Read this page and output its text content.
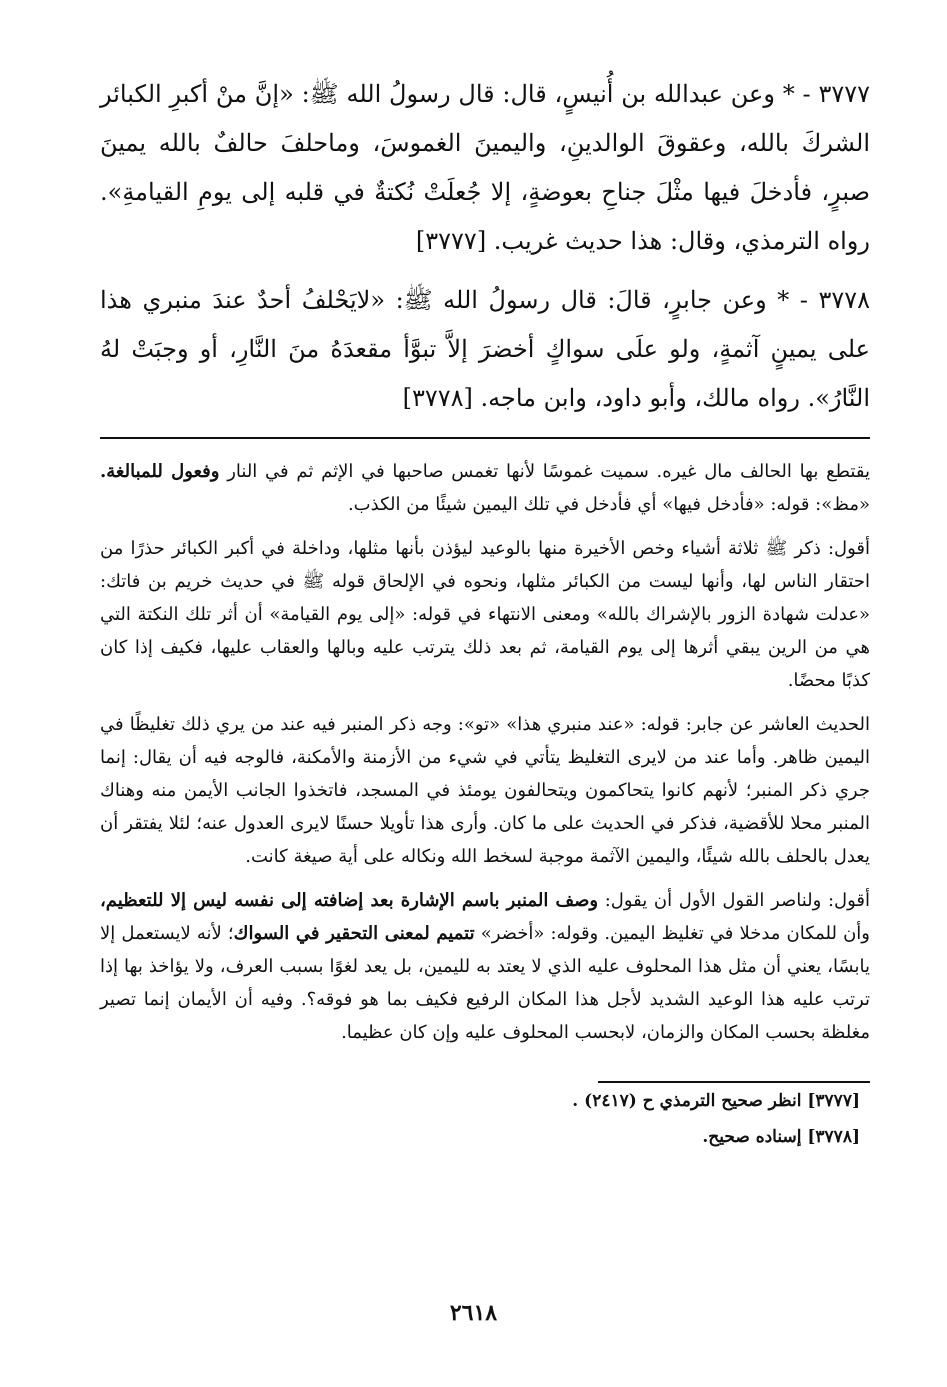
٣٧٧٧ - * وعن عبدالله بن أُنيسٍ، قال: قال رسولُ الله ﷺ: «إنَّ منْ أكبرِ الكبائر الشركَ بالله، وعقوقَ الوالدينِ، واليمينَ الغموسَ، وماحلفَ حالفٌ بالله يمينَ صبرٍ، فأدخلَ فيها مثْلَ جناحِ بعوضةٍ، إلا جُعلَتْ نُكتةٌ في قلبه إلى يومِ القيامةِ». رواه الترمذي، وقال: هذا حديث غريب. [٣٧٧٧]

٣٧٧٨ - * وعن جابرٍ، قالَ: قال رسولُ الله ﷺ: «لايَحْلفُ أحدٌ عندَ منبري هذا على يمينٍ آثمةٍ، ولو علَى سواكٍ أخضرَ إلاَّ تبوَّأ مقعدَهُ منَ النَّارِ، أو وجبَتْ لهُ النَّارُ». رواه مالك، وأبو داود، وابن ماجه. [٣٧٧٨]

يقتطع بها الحالف مال غيره. سميت غموسًا لأنها تغمس صاحبها في الإثم ثم في النار وفعول للمبالغة. «مظ»: قوله: «فأدخل فيها» أي فأدخل في تلك اليمين شيئًا من الكذب.

أقول: ذكر ﷺ ثلاثة أشياء وخص الأخيرة منها بالوعيد ليؤذن بأنها مثلها، وداخلة في أكبر الكبائر حذرًا من احتقار الناس لها، وأنها ليست من الكبائر مثلها، ونحوه في الإلحاق قوله ﷺ في حديث خريم بن فاتك: «عدلت شهادة الزور بالإشراك بالله» ومعنى الانتهاء في قوله: «إلى يوم القيامة» أن أثر تلك النكتة التي هي من الرين يبقي أثرها إلى يوم القيامة، ثم بعد ذلك يترتب عليه وبالها والعقاب عليها، فكيف إذا كان كذبًا محضًا.

الحديث العاشر عن جابر: قوله: «عند منبري هذا» «تو»: وجه ذكر المنبر فيه عند من يري ذلك تغليظًا في اليمين ظاهر. وأما عند من لايرى التغليظ يتأتي في شيء من الأزمنة والأمكنة، فالوجه فيه أن يقال: إنما جري ذكر المنبر؛ لأنهم كانوا يتحاكمون ويتحالفون يومئذ في المسجد، فاتخذوا الجانب الأيمن منه وهناك المنبر محلا للأقضية، فذكر في الحديث على ما كان. وأرى هذا تأويلا حسنًا لايرى العدول عنه؛ لئلا يفتقر أن يعدل بالحلف بالله شيئًا، واليمين الآثمة موجبة لسخط الله ونكاله على أية صيغة كانت.

أقول: ولناصر القول الأول أن يقول: وصف المنبر باسم الإشارة بعد إضافته إلى نفسه ليس إلا للتعظيم، وأن للمكان مدخلا في تغليظ اليمين. وقوله: «أخضر» تتميم لمعنى التحقير في السواك؛ لأنه لايستعمل إلا يابسًا، يعني أن مثل هذا المحلوف عليه الذي لا يعتد به لليمين، بل يعد لغوًا بسبب العرف، ولا يؤاخذ بها إذا ترتب عليه هذا الوعيد الشديد لأجل هذا المكان الرفيع فكيف بما هو فوقه؟. وفيه أن الأيمان إنما تصير مغلظة بحسب المكان والزمان، لابحسب المحلوف عليه وإن كان عظيما.

[٣٧٧٧] انظر صحيح الترمذي ح (٢٤١٧) .

[٣٧٧٨] إسناده صحيح.

٢٦١٨
